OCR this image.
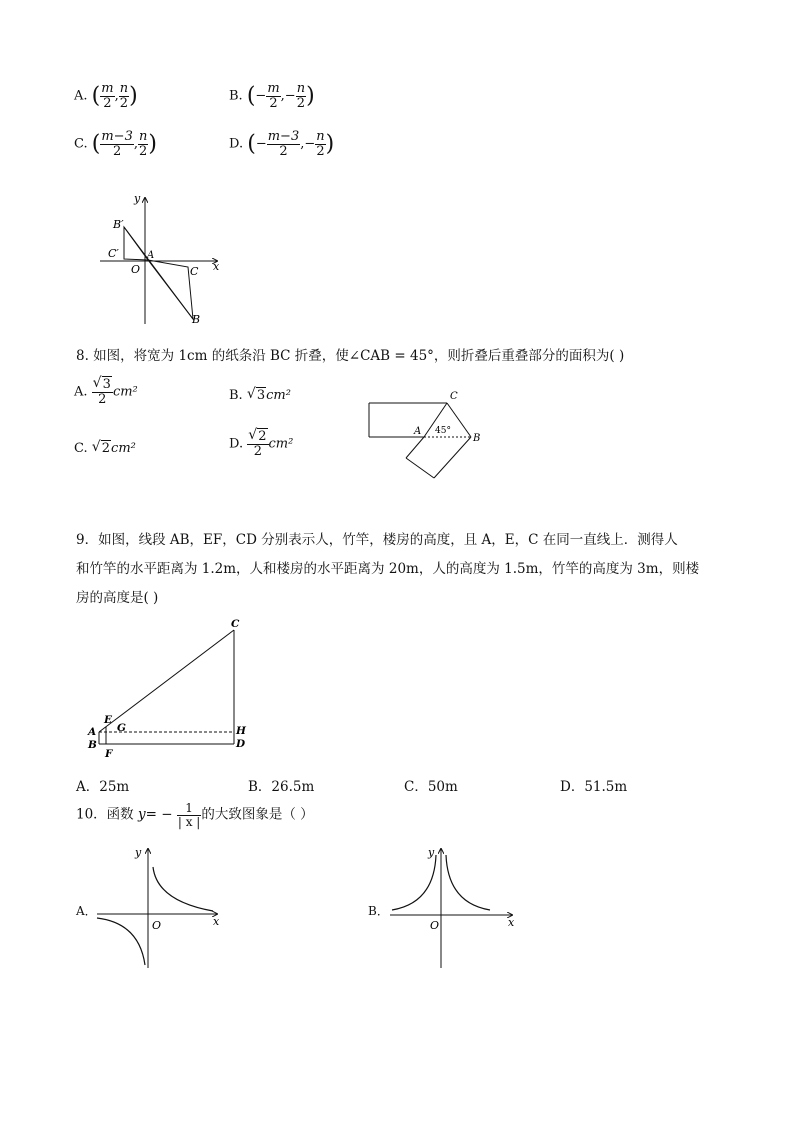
A. ( $\frac{m}{2}$ , $\frac{n}{2}$ )	B. (− $\frac{m}{2}$ ,− $\frac{n}{2}$ )
C. ( $\frac{m-3}{2}$ , $\frac{n}{2}$ )	D. (− $\frac{m-3}{2}$ ,− $\frac{n}{2}$ )
y
x
B′
C′	A
O	C
B
8. 如图，将宽为 1cm 的纸条沿 BC 折叠，使∠CAB = 45°，则折叠后重叠部分的面积为( )
A. √ $\frac{3}{2} cm^2$	B. √ 3cm²
C. √ 2cm²	D. √ $\frac{2}{2} cm^2$
C
A
B
45°
9．如图，线段 AB，EF，CD 分别表示人，竹竿，楼房的高度，且 A，E，C 在同一直线上．测得人
和竹竿的水平距离为 1.2m，人和楼房的水平距离为 20m，人的高度为 1.5m，竹竿的高度为 3m，则楼
房的高度是( )
C
E
G
A
B
F
H
D
A．25m	B．26.5m	C．50m	D．51.5m
10．函数 $y= - \frac{1}{| x |}$ 的大致图象是（ ）
A．
y
x
O
B．
y
x
O
